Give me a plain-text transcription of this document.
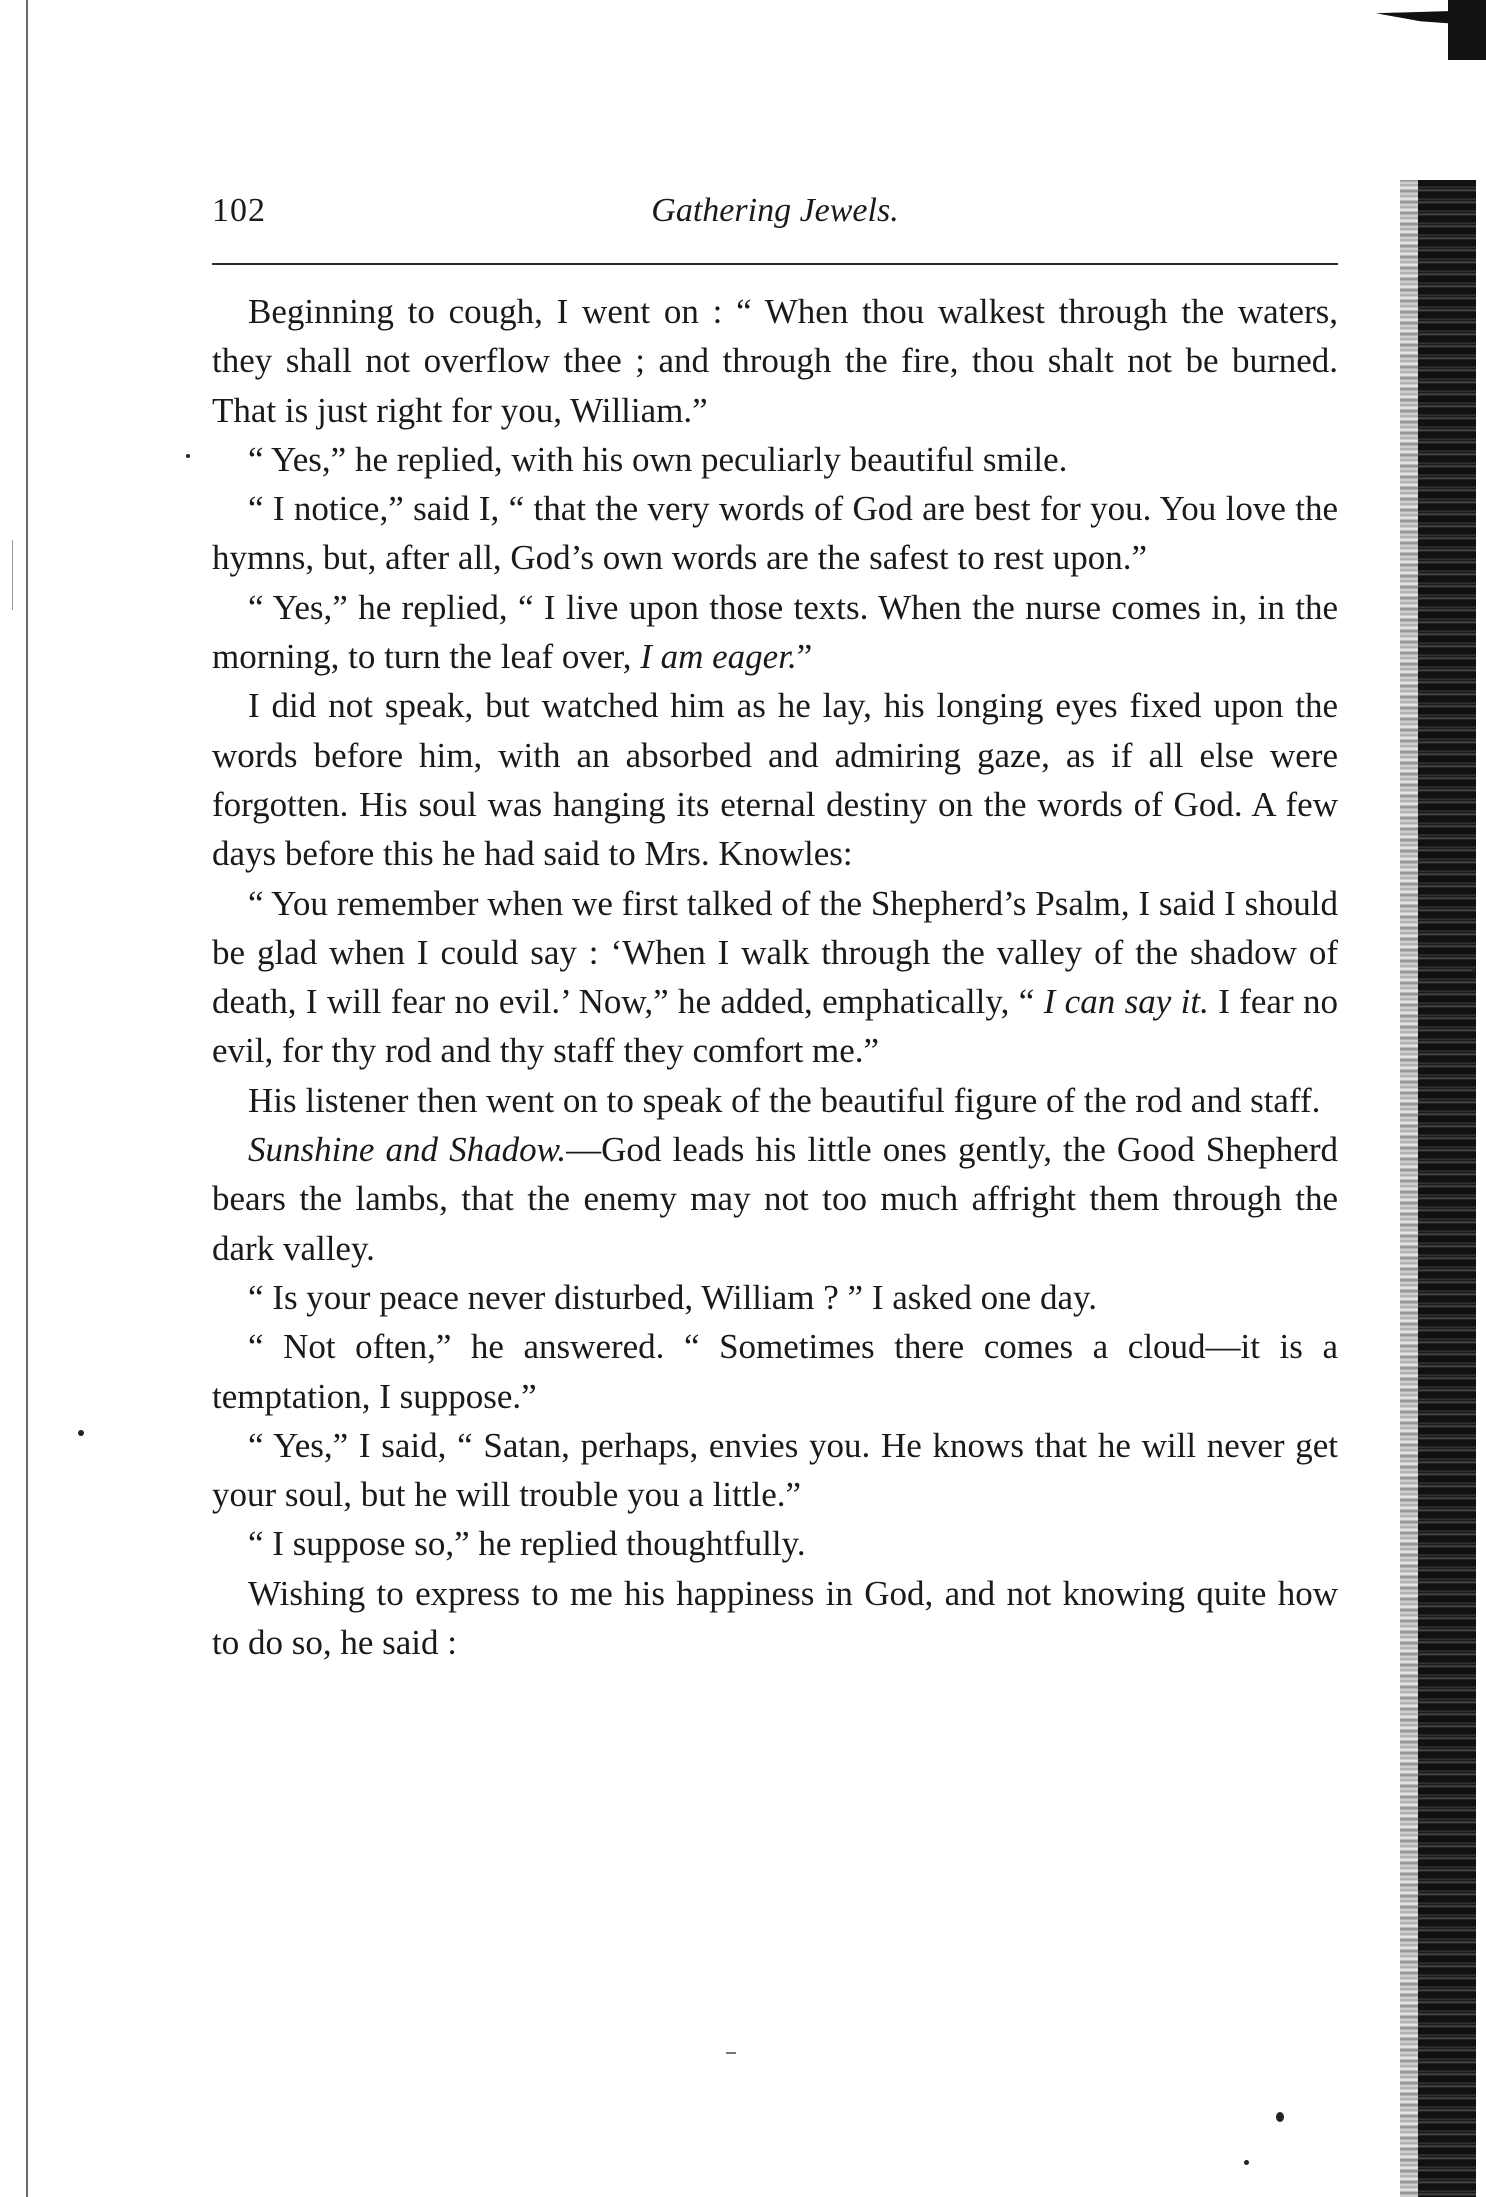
102	Gathering Jewels.

Beginning to cough, I went on : “ When thou walkest through the waters, they shall not overflow thee ; and through the fire, thou shalt not be burned. That is just right for you, William.”

“ Yes,” he replied, with his own peculiarly beautiful smile.

“ I notice,” said I, “ that the very words of God are best for you. You love the hymns, but, after all, God’s own words are the safest to rest upon.”

“ Yes,” he replied, “ I live upon those texts. When the nurse comes in, in the morning, to turn the leaf over, I am eager.”

I did not speak, but watched him as he lay, his longing eyes fixed upon the words before him, with an absorbed and admiring gaze, as if all else were forgotten. His soul was hanging its eternal destiny on the words of God. A few days before this he had said to Mrs. Knowles:

“ You remember when we first talked of the Shepherd’s Psalm, I said I should be glad when I could say : ‘When I walk through the valley of the shadow of death, I will fear no evil.’ Now,” he added, emphatically, “ I can say it. I fear no evil, for thy rod and thy staff they comfort me.”

His listener then went on to speak of the beautiful figure of the rod and staff.

Sunshine and Shadow.—God leads his little ones gently, the Good Shepherd bears the lambs, that the enemy may not too much affright them through the dark valley.

“ Is your peace never disturbed, William ? ” I asked one day.

“ Not often,” he answered. “ Sometimes there comes a cloud—it is a temptation, I suppose.”

“ Yes,” I said, “ Satan, perhaps, envies you. He knows that he will never get your soul, but he will trouble you a little.”

“ I suppose so,” he replied thoughtfully.

Wishing to express to me his happiness in God, and not knowing quite how to do so, he said :
